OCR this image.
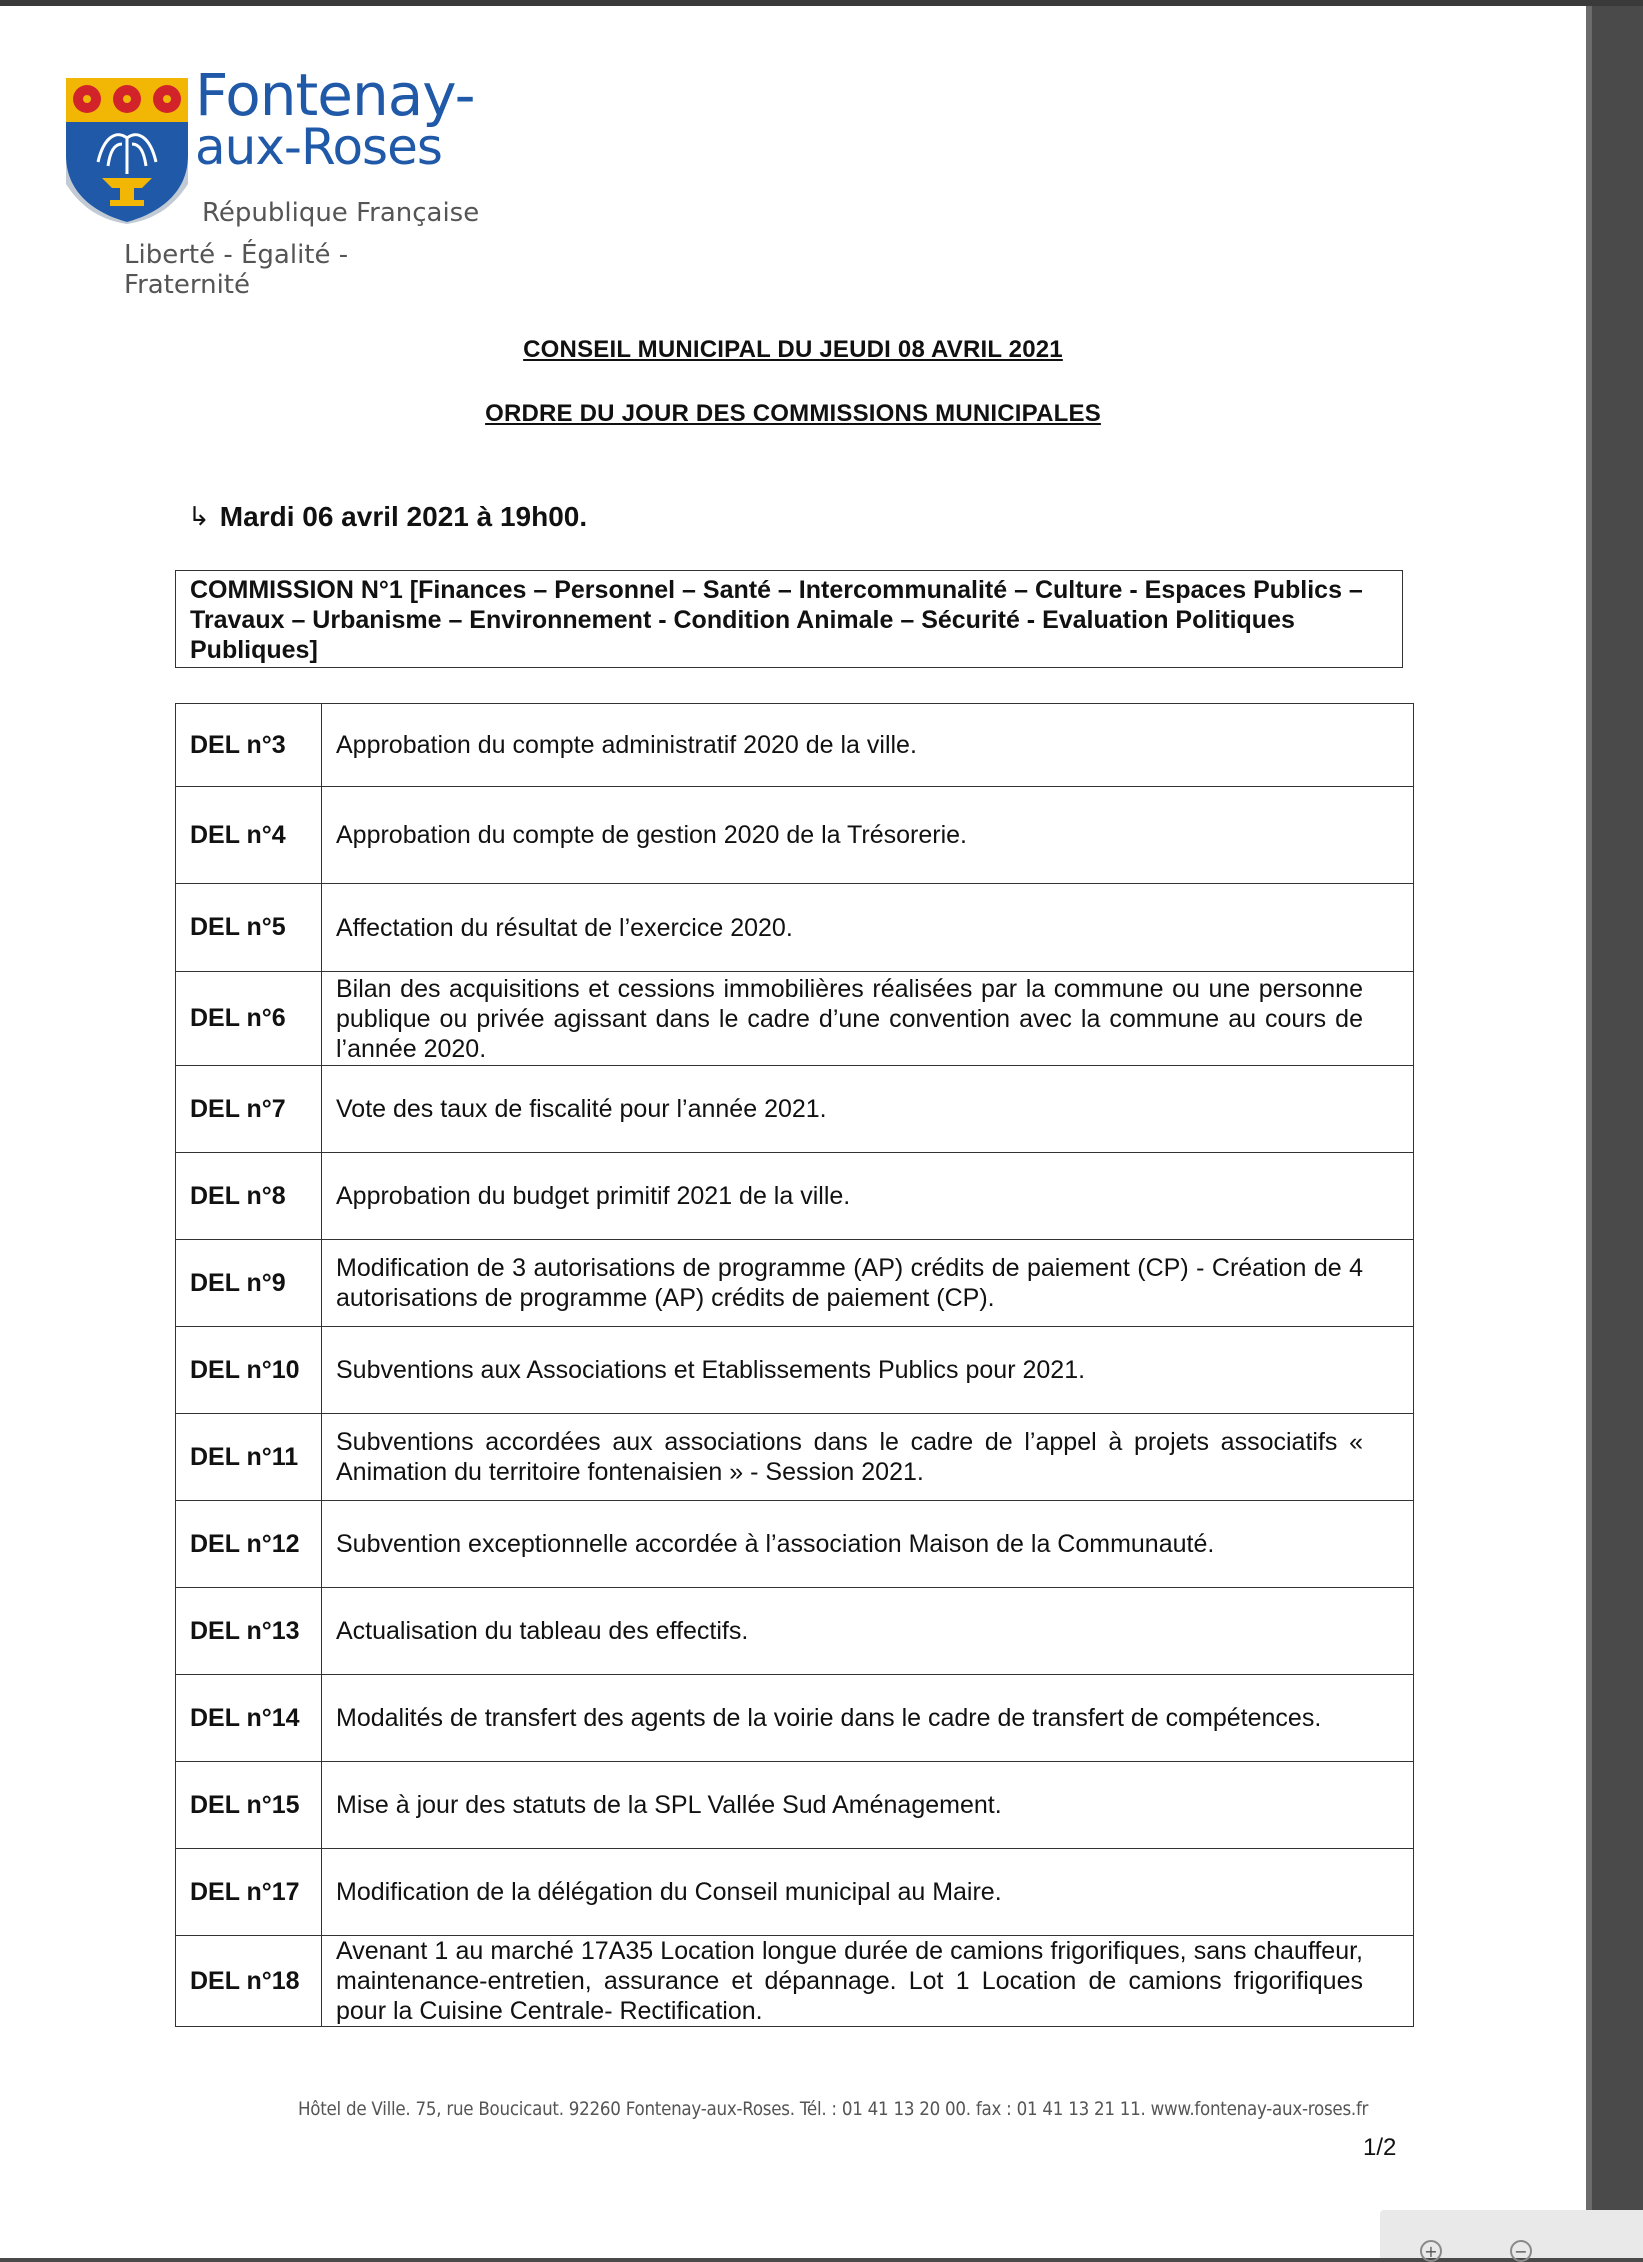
Fontenay-
aux-Roses
République Française
Liberté - Égalité - Fraternité
CONSEIL MUNICIPAL DU JEUDI 08 AVRIL 2021
ORDRE DU JOUR DES COMMISSIONS MUNICIPALES
↳ Mardi 06 avril 2021 à 19h00.
COMMISSION N°1 [Finances – Personnel – Santé – Intercommunalité – Culture - Espaces Publics – Travaux – Urbanisme – Environnement - Condition Animale – Sécurité - Evaluation Politiques Publiques]
DEL n°3	Approbation du compte administratif 2020 de la ville.
DEL n°4	Approbation du compte de gestion 2020 de la Trésorerie.
DEL n°5	Affectation du résultat de l’exercice 2020.
DEL n°6	Bilan des acquisitions et cessions immobilières réalisées par la commune ou une personne publique ou privée agissant dans le cadre d’une convention avec la commune au cours de l’année 2020.
DEL n°7	Vote des taux de fiscalité pour l’année 2021.
DEL n°8	Approbation du budget primitif 2021 de la ville.
DEL n°9	Modification de 3 autorisations de programme (AP) crédits de paiement (CP) - Création de 4 autorisations de programme (AP) crédits de paiement (CP).
DEL n°10	Subventions aux Associations et Etablissements Publics pour 2021.
DEL n°11	Subventions accordées aux associations dans le cadre de l’appel à projets associatifs « Animation du territoire fontenaisien » - Session 2021.
DEL n°12	Subvention exceptionnelle accordée à l’association Maison de la Communauté.
DEL n°13	Actualisation du tableau des effectifs.
DEL n°14	Modalités de transfert des agents de la voirie dans le cadre de transfert de compétences.
DEL n°15	Mise à jour des statuts de la SPL Vallée Sud Aménagement.
DEL n°17	Modification de la délégation du Conseil municipal au Maire.
DEL n°18	Avenant 1 au marché 17A35 Location longue durée de camions frigorifiques, sans chauffeur, maintenance-entretien, assurance et dépannage. Lot 1 Location de camions frigorifiques pour la Cuisine Centrale- Rectification.
Hôtel de Ville. 75, rue Boucicaut. 92260 Fontenay-aux-Roses. Tél. : 01 41 13 20 00. fax : 01 41 13 21 11. www.fontenay-aux-roses.fr
1/2
+	−
